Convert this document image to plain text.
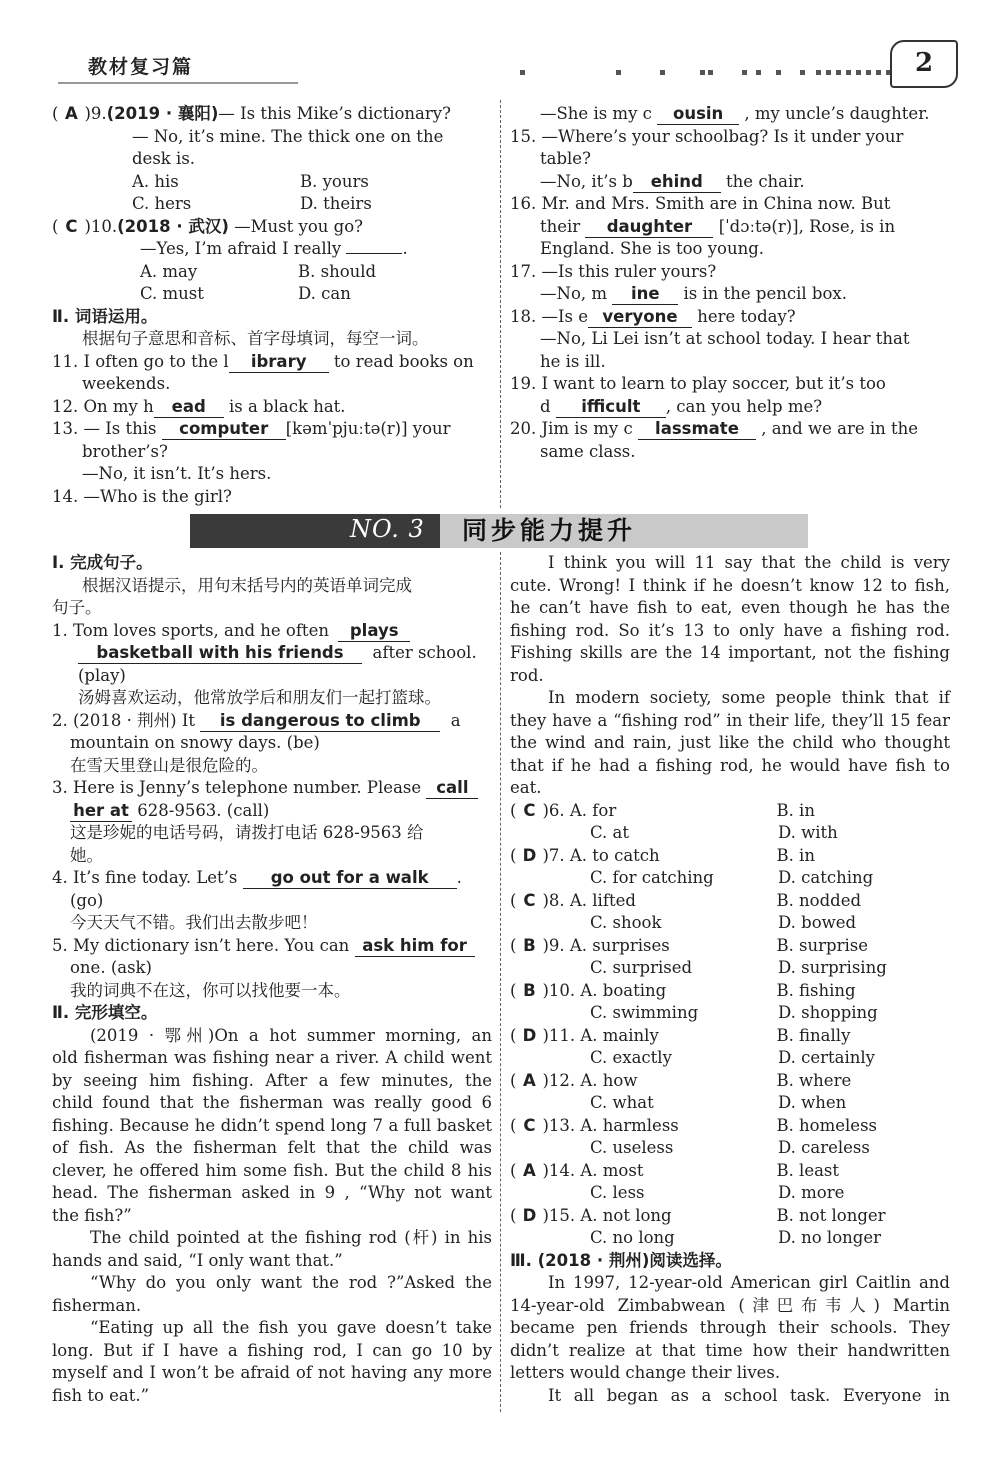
教材复习篇	2
( A )9.(2019 · 襄阳)— Is this Mike’s dictionary?
— No, it’s mine. The thick one on the
desk is.
A. his	B. yours
C. hers	D. theirs
( C )10.(2018 · 武汉) —Must you go?
—Yes, I’m afraid I really	.
A. may	B. should
C. must	D. can
Ⅱ. 词语运用。
根据句子意思和音标、首字母填词，每空一词。
11. I often go to the l ibrary to read books on
weekends.
12. On my h ead is a black hat.
13. — Is this computer [kəmˈpjuːtə(r)] your
brother’s?
—No, it isn’t. It’s hers.
14. —Who is the girl?
—She is my c ousin , my uncle’s daughter.
15. —Where’s your schoolbag? Is it under your
table?
—No, it’s b ehind the chair.
16. Mr. and Mrs. Smith are in China now. But
their daughter [ˈdɔːtə(r)], Rose, is in
England. She is too young.
17. —Is this ruler yours?
—No, m ine is in the pencil box.
18. —Is e veryone here today?
—No, Li Lei isn’t at school today. I hear that
he is ill.
19. I want to learn to play soccer, but it’s too
d ifficult , can you help me?
20. Jim is my c lassmate , and we are in the
same class.
NO. 3 同步能力提升
Ⅰ. 完成句子。
根据汉语提示，用句末括号内的英语单词完成
句子。
1. Tom loves sports, and he often plays
basketball with his friends after school.
(play)
汤姆喜欢运动，他常放学后和朋友们一起打篮球。
2. (2018 · 荆州) It is dangerous to climb a
mountain on snowy days. (be)
在雪天里登山是很危险的。
3. Here is Jenny’s telephone number. Please call
her at 628-9563. (call)
这是珍妮的电话号码，请拨打电话 628-9563 给
她。
4. It’s fine today. Let’s go out for a walk .
(go)
今天天气不错。我们出去散步吧！
5. My dictionary isn’t here. You can ask him for
one. (ask)
我的词典不在这，你可以找他要一本。
Ⅱ. 完形填空。
(2019 · 鄂州)On a hot summer morning, an
old fisherman was fishing near a river. A child went
by seeing him fishing. After a few minutes, the
child found that the fisherman was really good 6
fishing. Because he didn’t spend long 7 a full basket
of fish. As the fisherman felt that the child was
clever, he offered him some fish. But the child 8 his
head. The fisherman asked in 9 , “Why not want
the fish?”
The child pointed at the fishing rod (杆) in his
hands and said, “I only want that.”
“Why do you only want the rod ?”Asked the
fisherman.
“Eating up all the fish you gave doesn’t take
long. But if I have a fishing rod, I can go 10 by
myself and I won’t be afraid of not having any more
fish to eat.”
I think you will 11 say that the child is very
cute. Wrong! I think if he doesn’t know 12 to fish,
he can’t have fish to eat, even though he has the
fishing rod. So it’s 13 to only have a fishing rod.
Fishing skills are the 14 important, not the fishing
rod.
In modern society, some people think that if
they have a “fishing rod” in their life, they’ll 15 fear
the wind and rain, just like the child who thought
that if he had a fishing rod, he would have fish to
eat.
( C )6. A. for	B. in
C. at	D. with
( D )7. A. to catch	B. in
C. for catching	D. catching
( C )8. A. lifted	B. nodded
C. shook	D. bowed
( B )9. A. surprises	B. surprise
C. surprised	D. surprising
( B )10. A. boating	B. fishing
C. swimming	D. shopping
( D )11. A. mainly	B. finally
C. exactly	D. certainly
( A )12. A. how	B. where
C. what	D. when
( C )13. A. harmless	B. homeless
C. useless	D. careless
( A )14. A. most	B. least
C. less	D. more
( D )15. A. not long	B. not longer
C. no long	D. no longer
Ⅲ. (2018 · 荆州)阅读选择。
In 1997, 12-year-old American girl Caitlin and
14-year-old Zimbabwean (津巴布韦人) Martin
became pen friends through their schools. They
didn’t realize at that time how their handwritten
letters would change their lives.
It all began as a school task. Everyone in
